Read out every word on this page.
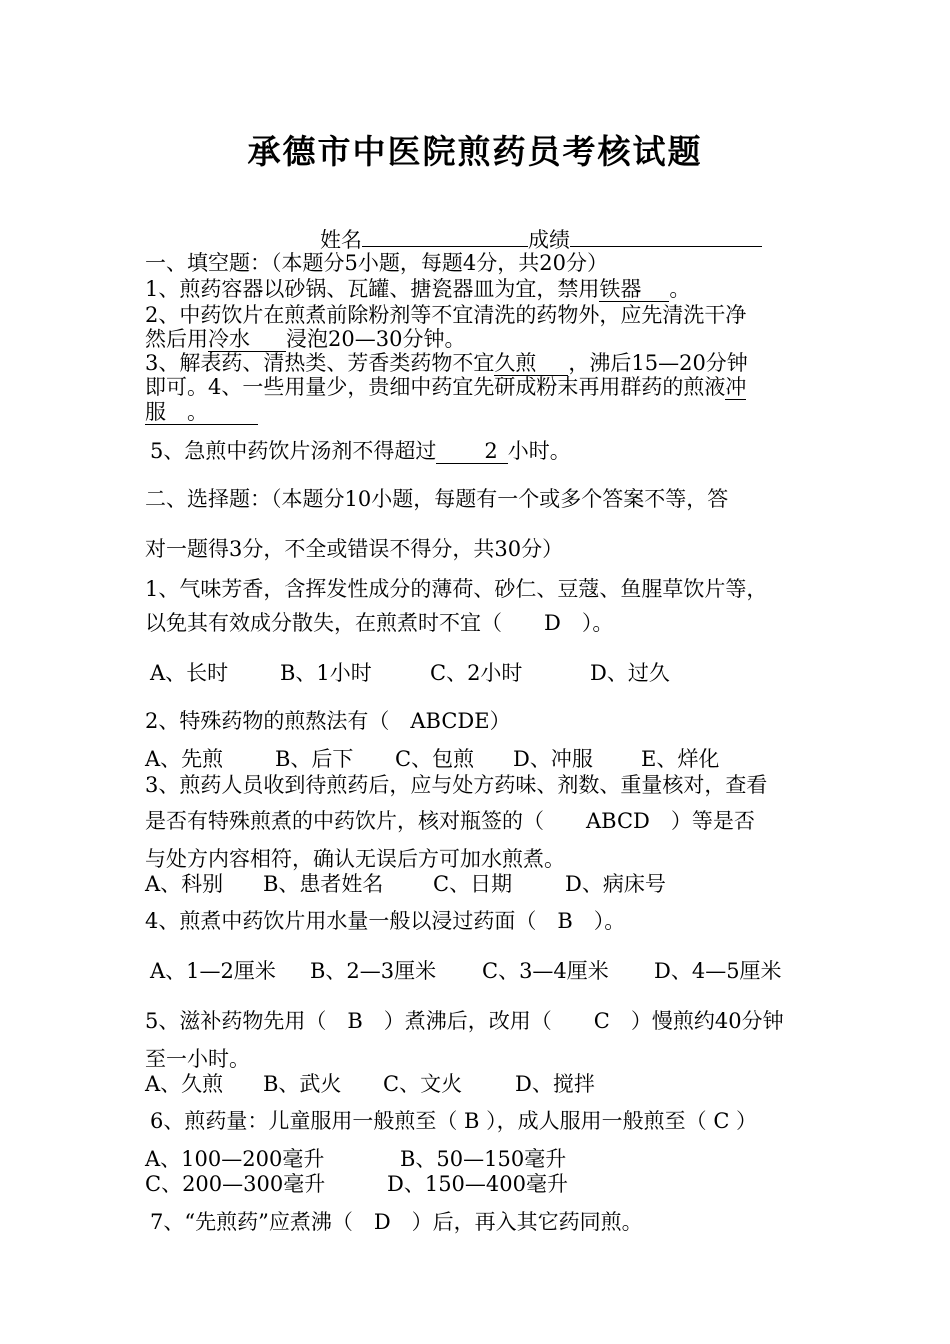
承德市中医院煎药员考核试题
姓名	成绩
一、填空题：（本题分5小题，每题4分，共20分）
1、煎药容器以砂锅、瓦罐、搪瓷器皿为宜，禁用铁器 。
2、中药饮片在煎煮前除粉剂等不宜清洗的药物外，应先清洗干净
然后用冷水 浸泡20—30分钟。
3、解表药、清热类、芳香类药物不宜久煎 ，沸后15—20分钟
即可。4、一些用量少，贵细中药宜先研成粉末再用群药的煎液冲
服　 。
5、急煎中药饮片汤剂不得超过 2 小时。
二、选择题：（本题分10小题，每题有一个或多个答案不等，答
对一题得3分，不全或错误不得分，共30分）
1、气味芳香，含挥发性成分的薄荷、砂仁、豆蔻、鱼腥草饮片等，
以免其有效成分散失，在煎煮时不宜（　　D　）。
A、长时 B、1小时	C、2小时	D、过久
2、特殊药物的煎熬法有（　ABCDE）
A、先煎 B、后下 C、包煎 D、冲服 E、烊化
3、煎药人员收到待煎药后，应与处方药味、剂数、重量核对，查看
是否有特殊煎煮的中药饮片，核对瓶签的（　　ABCD　）等是否
与处方内容相符，确认无误后方可加水煎煮。
A、科别 B、患者姓名 C、日期	D、病床号
4、煎煮中药饮片用水量一般以浸过药面（　B　）。
A、1—2厘米 B、2—3厘米 C、3—4厘米 D、4—5厘米
5、滋补药物先用（　B　）煮沸后，改用（　　C　）慢煎约40分钟
至一小时。
A、久煎 B、武火 C、文火	D、搅拌
6、煎药量：儿童服用一般煎至（ B ），成人服用一般煎至（ C ）
A、100—200毫升	B、50—150毫升
C、200—300毫升	D、150—400毫升
7、“先煎药”应煮沸（　D　）后，再入其它药同煎。
